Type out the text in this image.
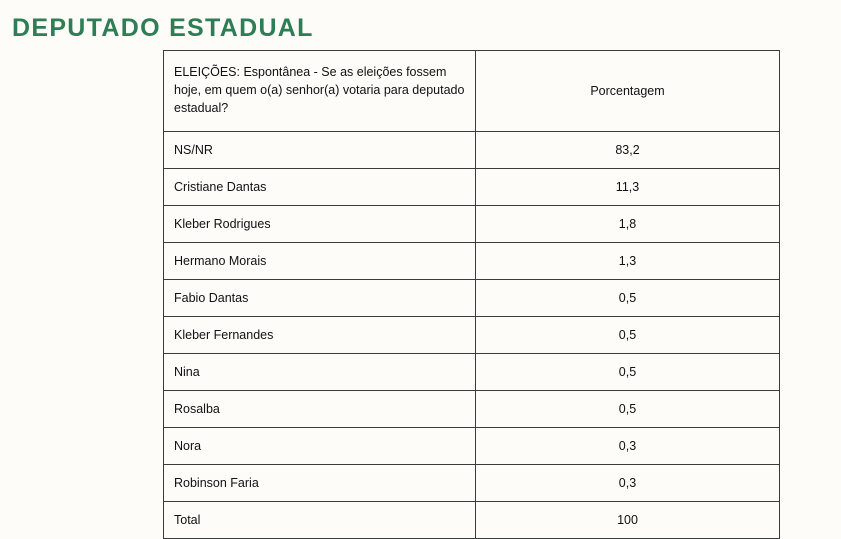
DEPUTADO ESTADUAL
ELEIÇÕES: Espontânea - Se as eleições fossem hoje, em quem o(a) senhor(a) votaria para deputado estadual?	Porcentagem
NS/NR	83,2
Cristiane Dantas	11,3
Kleber Rodrigues	1,8
Hermano Morais	1,3
Fabio Dantas	0,5
Kleber Fernandes	0,5
Nina	0,5
Rosalba	0,5
Nora	0,3
Robinson Faria	0,3
Total	100
